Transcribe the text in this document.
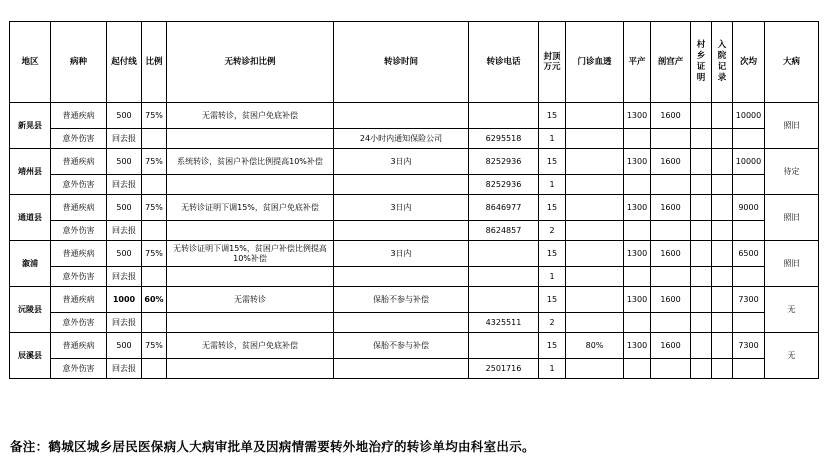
地区	病种	起付线	比例	无转诊扣比例	转诊时间	转诊电话	封顶万元	门诊血透	平产	剖宫产	村乡证明	入院记录	次均	大病
新晃县	普通疾病	500	75%	无需转诊，贫困户免底补偿			15		1300	1600			10000	照旧
	意外伤害	回去报			24小时内通知保险公司	6295518	1							
靖州县	普通疾病	500	75%	系统转诊，贫困户补偿比例提高10%补偿	3日内	8252936	15		1300	1600			10000	待定
	意外伤害	回去报				8252936	1							
通道县	普通疾病	500	75%	无转诊证明下调15%，贫困户免底补偿	3日内	8646977	15		1300	1600			9000	照旧
	意外伤害	回去报				8624857	2							
溆浦	普通疾病	500	75%	无转诊证明下调15%，贫困户补偿比例提高10%补偿	3日内		15		1300	1600			6500	照旧
	意外伤害	回去报					1							
沅陵县	普通疾病	1000	60%	无需转诊	保胎不参与补偿		15		1300	1600			7300	无
	意外伤害	回去报				4325511	2							
辰溪县	普通疾病	500	75%	无需转诊，贫困户免底补偿	保胎不参与补偿		15	80%	1300	1600			7300	无
	意外伤害	回去报				2501716	1							
备注：鹤城区城乡居民医保病人大病审批单及因病情需要转外地治疗的转诊单均由科室出示。
